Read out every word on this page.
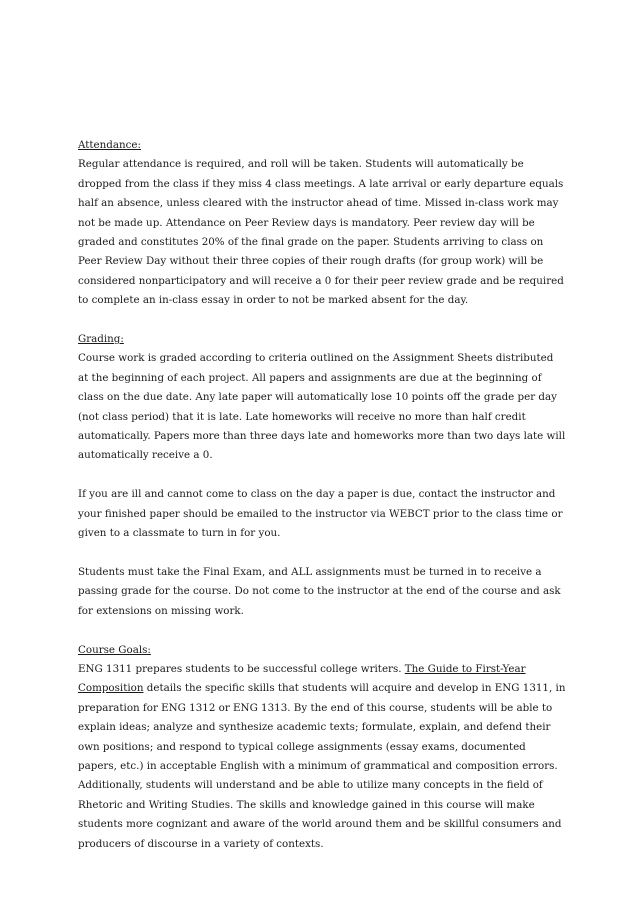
Attendance:

Regular attendance is required, and roll will be taken. Students will automatically be dropped from the class if they miss 4 class meetings. A late arrival or early departure equals half an absence, unless cleared with the instructor ahead of time. Missed in-class work may not be made up. Attendance on Peer Review days is mandatory. Peer review day will be graded and constitutes 20% of the final grade on the paper. Students arriving to class on Peer Review Day without their three copies of their rough drafts (for group work) will be considered nonparticipatory and will receive a 0 for their peer review grade and be required to complete an in-class essay in order to not be marked absent for the day.

Grading:

Course work is graded according to criteria outlined on the Assignment Sheets distributed at the beginning of each project. All papers and assignments are due at the beginning of class on the due date. Any late paper will automatically lose 10 points off the grade per day (not class period) that it is late. Late homeworks will receive no more than half credit automatically. Papers more than three days late and homeworks more than two days late will automatically receive a 0.

If you are ill and cannot come to class on the day a paper is due, contact the instructor and your finished paper should be emailed to the instructor via WEBCT prior to the class time or given to a classmate to turn in for you.

Students must take the Final Exam, and ALL assignments must be turned in to receive a passing grade for the course. Do not come to the instructor at the end of the course and ask for extensions on missing work.

Course Goals:

ENG 1311 prepares students to be successful college writers. The Guide to First-Year Composition details the specific skills that students will acquire and develop in ENG 1311, in preparation for ENG 1312 or ENG 1313. By the end of this course, students will be able to explain ideas; analyze and synthesize academic texts; formulate, explain, and defend their own positions; and respond to typical college assignments (essay exams, documented papers, etc.) in acceptable English with a minimum of grammatical and composition errors. Additionally, students will understand and be able to utilize many concepts in the field of Rhetoric and Writing Studies. The skills and knowledge gained in this course will make students more cognizant and aware of the world around them and be skillful consumers and producers of discourse in a variety of contexts.
